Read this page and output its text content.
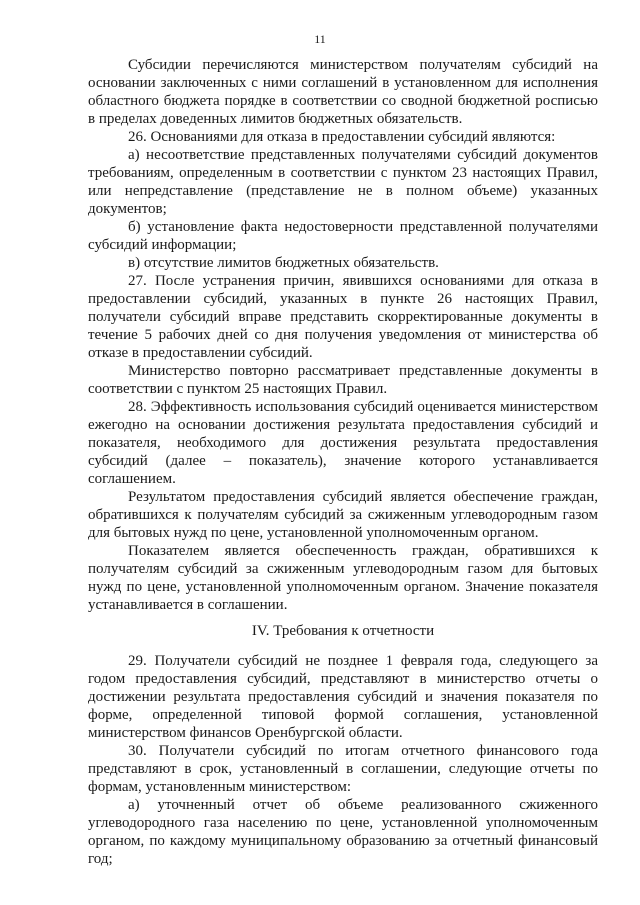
11

Субсидии перечисляются министерством получателям субсидий на основании заключенных с ними соглашений в установленном для исполнения областного бюджета порядке в соответствии со сводной бюджетной росписью в пределах доведенных лимитов бюджетных обязательств.

26. Основаниями для отказа в предоставлении субсидий являются:

а) несоответствие представленных получателями субсидий документов требованиям, определенным в соответствии с пунктом 23 настоящих Правил, или непредставление (представление не в полном объеме) указанных документов;

б) установление факта недостоверности представленной получателями субсидий информации;

в) отсутствие лимитов бюджетных обязательств.

27. После устранения причин, явившихся основаниями для отказа в предоставлении субсидий, указанных в пункте 26 настоящих Правил, получатели субсидий вправе представить скорректированные документы в течение 5 рабочих дней со дня получения уведомления от министерства об отказе в предоставлении субсидий.

Министерство повторно рассматривает представленные документы в соответствии с пунктом 25 настоящих Правил.

28. Эффективность использования субсидий оценивается министерством ежегодно на основании достижения результата предоставления субсидий и показателя, необходимого для достижения результата предоставления субсидий (далее – показатель), значение которого устанавливается соглашением.

Результатом предоставления субсидий является обеспечение граждан, обратившихся к получателям субсидий за сжиженным углеводородным газом для бытовых нужд по цене, установленной уполномоченным органом.

Показателем является обеспеченность граждан, обратившихся к получателям субсидий за сжиженным углеводородным газом для бытовых нужд по цене, установленной уполномоченным органом. Значение показателя устанавливается в соглашении.

IV. Требования к отчетности

29. Получатели субсидий не позднее 1 февраля года, следующего за годом предоставления субсидий, представляют в министерство отчеты о достижении результата предоставления субсидий и значения показателя по форме, определенной типовой формой соглашения, установленной министерством финансов Оренбургской области.

30. Получатели субсидий по итогам отчетного финансового года представляют в срок, установленный в соглашении, следующие отчеты по формам, установленным министерством:

а) уточненный отчет об объеме реализованного сжиженного углеводородного газа населению по цене, установленной уполномоченным органом, по каждому муниципальному образованию за отчетный финансовый год;
